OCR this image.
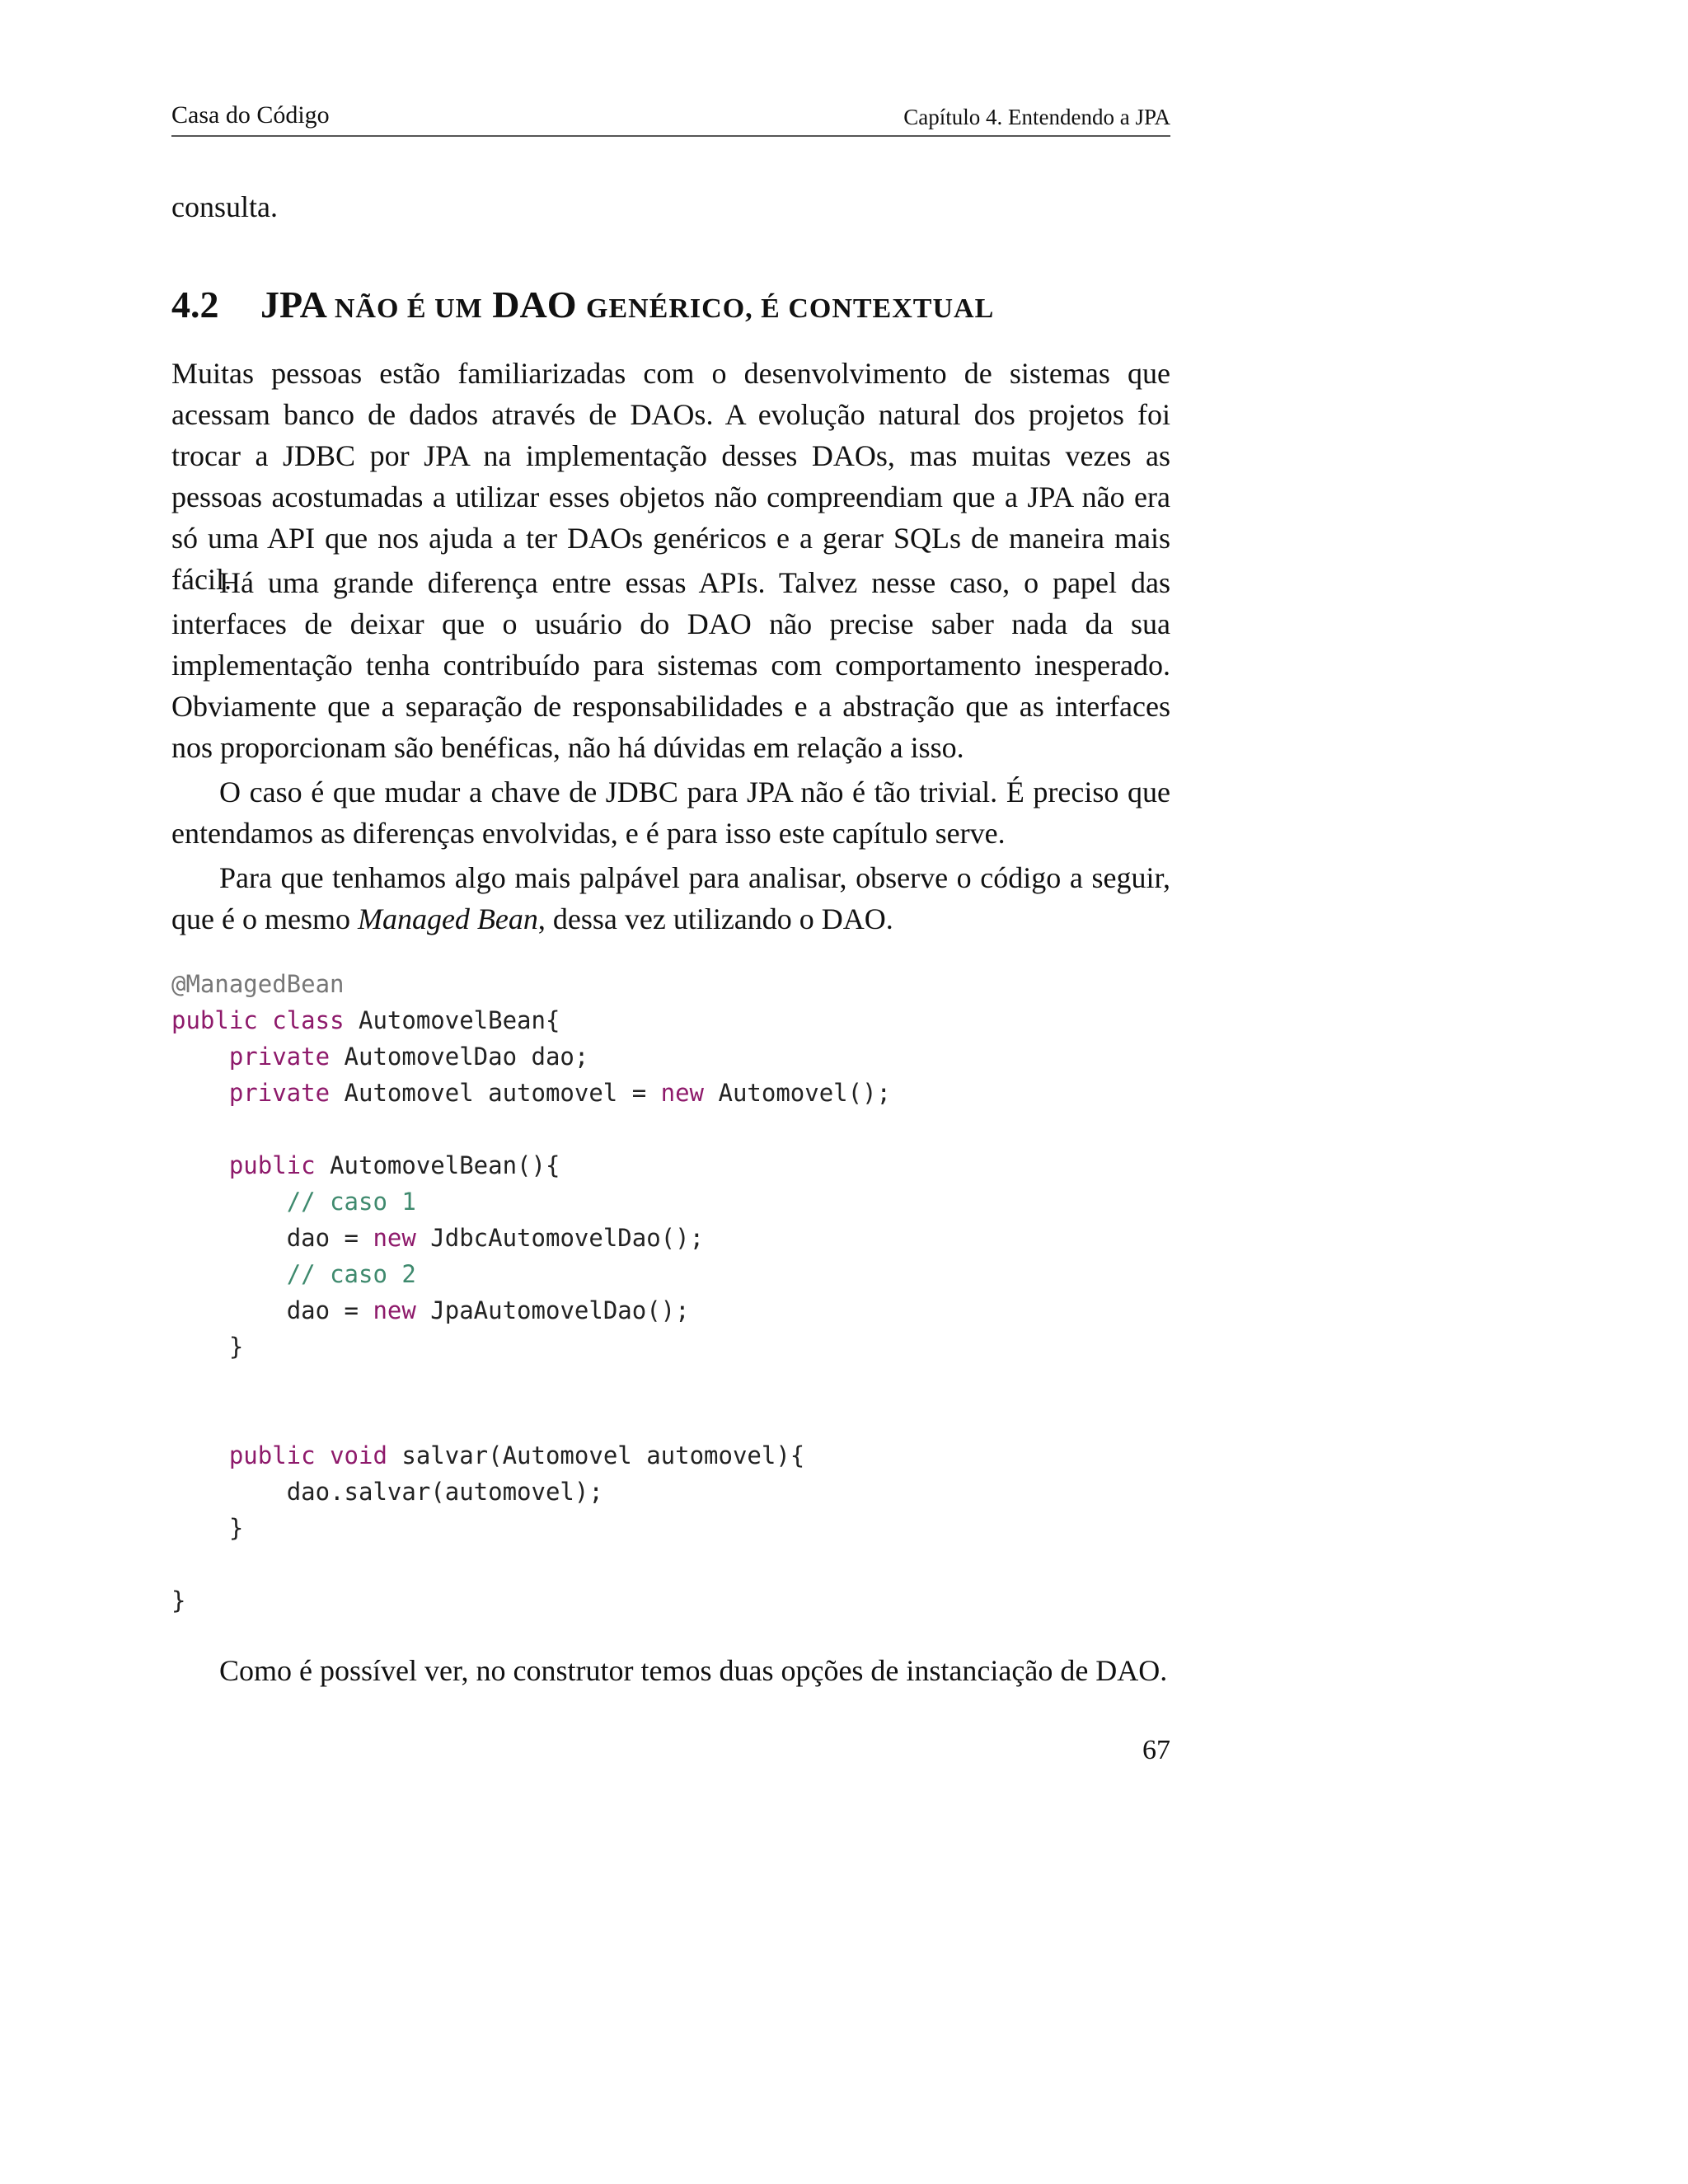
Casa do Código	Capítulo 4. Entendendo a JPA

consulta.

4.2 JPA NÃO É UM DAO GENÉRICO, É CONTEXTUAL

Muitas pessoas estão familiarizadas com o desenvolvimento de sistemas que acessam banco de dados através de DAOs. A evolução natural dos projetos foi trocar a JDBC por JPA na implementação desses DAOs, mas muitas vezes as pessoas acostumadas a utilizar esses objetos não compreendiam que a JPA não era só uma API que nos ajuda a ter DAOs genéricos e a gerar SQLs de maneira mais fácil.

Há uma grande diferença entre essas APIs. Talvez nesse caso, o papel das interfaces de deixar que o usuário do DAO não precise saber nada da sua implementação tenha contribuído para sistemas com comportamento inesperado. Obviamente que a separação de responsabilidades e a abstração que as interfaces nos proporcionam são benéficas, não há dúvidas em relação a isso.

O caso é que mudar a chave de JDBC para JPA não é tão trivial. É preciso que entendamos as diferenças envolvidas, e é para isso este capítulo serve.

Para que tenhamos algo mais palpável para analisar, observe o código a seguir, que é o mesmo Managed Bean, dessa vez utilizando o DAO.

@ManagedBean
public class AutomovelBean{
private AutomovelDao dao;
private Automovel automovel = new Automovel();
public AutomovelBean(){
// caso 1
dao = new JdbcAutomovelDao();
// caso 2
dao = new JpaAutomovelDao();
}
public void salvar(Automovel automovel){
dao.salvar(automovel);
}
}

Como é possível ver, no construtor temos duas opções de instanciação de DAO.

67
